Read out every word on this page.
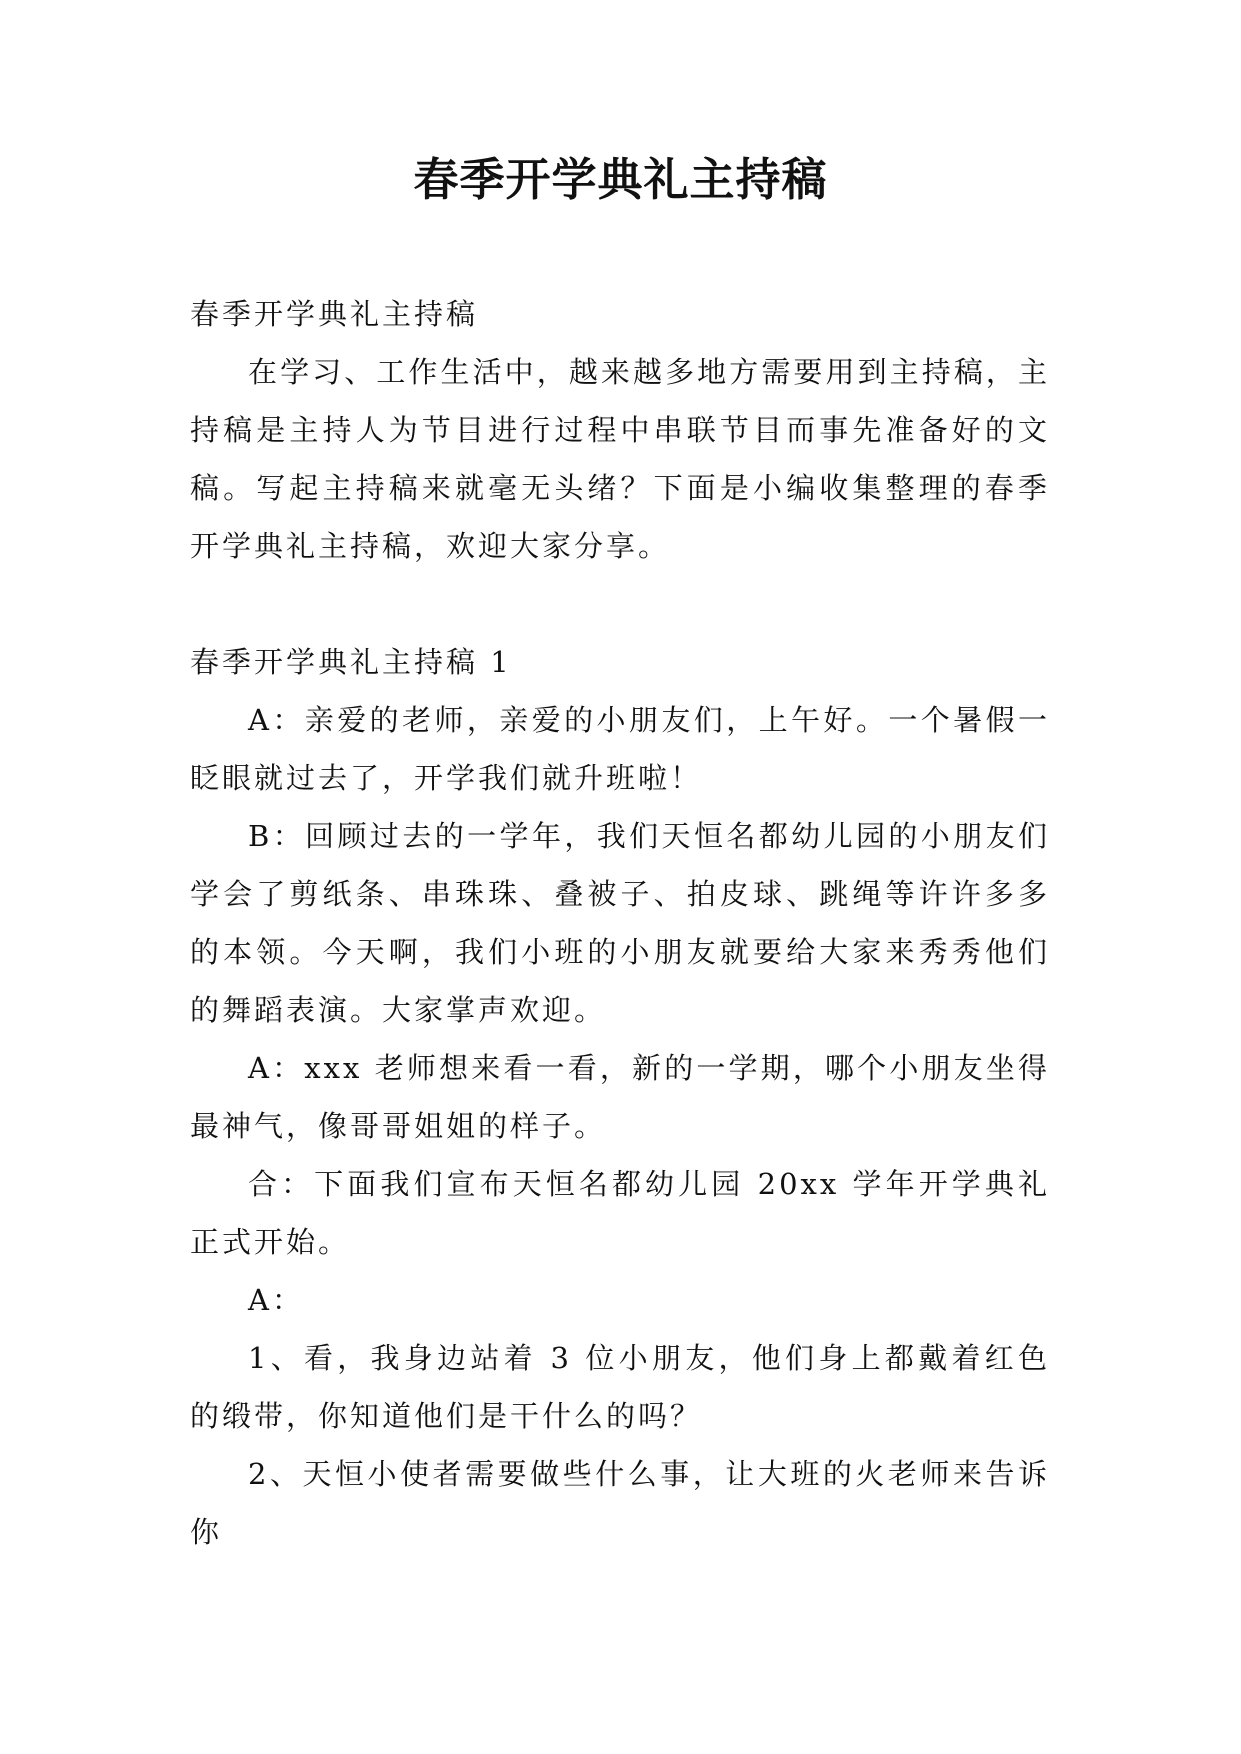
春季开学典礼主持稿

春季开学典礼主持稿

在学习、工作生活中，越来越多地方需要用到主持稿，主持稿是主持人为节目进行过程中串联节目而事先准备好的文稿。写起主持稿来就毫无头绪？下面是小编收集整理的春季开学典礼主持稿，欢迎大家分享。

春季开学典礼主持稿 1

A：亲爱的老师，亲爱的小朋友们，上午好。一个暑假一眨眼就过去了，开学我们就升班啦！

B：回顾过去的一学年，我们天恒名都幼儿园的小朋友们学会了剪纸条、串珠珠、叠被子、拍皮球、跳绳等许许多多的本领。今天啊，我们小班的小朋友就要给大家来秀秀他们的舞蹈表演。大家掌声欢迎。

A：xxx 老师想来看一看，新的一学期，哪个小朋友坐得最神气，像哥哥姐姐的样子。

合：下面我们宣布天恒名都幼儿园 20xx 学年开学典礼正式开始。

A：

1、看，我身边站着 3 位小朋友，他们身上都戴着红色的缎带，你知道他们是干什么的吗？

2、天恒小使者需要做些什么事，让大班的火老师来告诉你
